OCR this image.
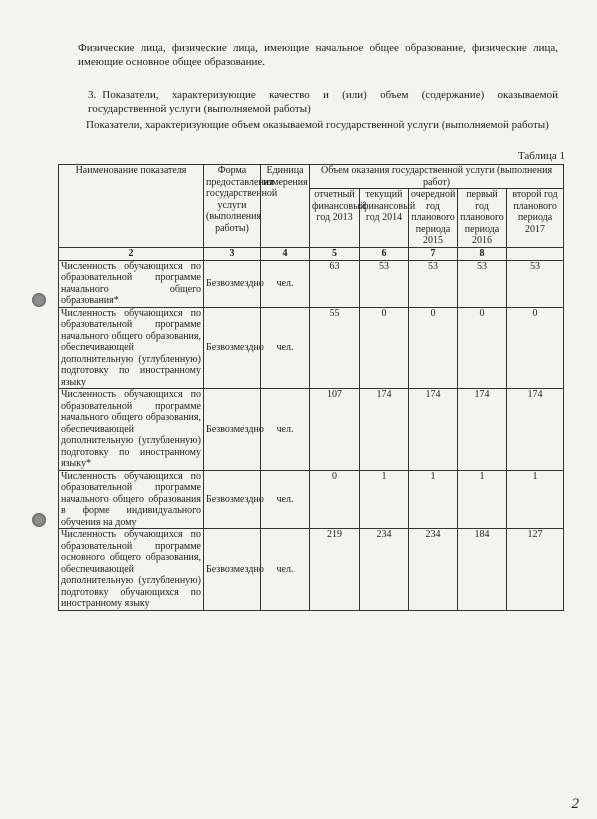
Физические лица, физические лица, имеющие начальное общее образование, физические лица, имеющие основное общее образование.
3. Показатели, характеризующие качество и (или) объем (содержание) оказываемой государственной услуги (выполняемой работы)
Показатели, характеризующие объем оказываемой государственной услуги (выполняемой работы)
Таблица 1
Наименование показателя	Форма предоставления государственной услуги (выполнения работы)	Единица измерения	Объем оказания государственной услуги (выполнения работ)				
			отчетный финансовый год 2013	текущий финансовый год 2014	очередной год планового периода 2015	первый год планового периода 2016	второй год планового периода 2017
2	3	4	5	6	7	8	
Численность обучающихся по образовательной программе начального общего образования*	Безвозмездно	чел.	63	53	53	53	53
Численность обучающихся по образовательной программе начального общего образования, обеспечивающей дополнительную (углубленную) подготовку по иностранному языку	Безвозмездно	чел.	55	0	0	0	0
Численность обучающихся по образовательной программе начального общего образования, обеспечивающей дополнительную (углубленную) подготовку по иностранному языку*	Безвозмездно	чел.	107	174	174	174	174
Численность обучающихся по образовательной программе начального общего образования в форме индивидуального обучения на дому	Безвозмездно	чел.	0	1	1	1	1
Численность обучающихся по образовательной программе основного общего образования, обеспечивающей дополнительную (углубленную) подготовку обучающихся по иностранному языку	Безвозмездно	чел.	219	234	234	184	127
2
